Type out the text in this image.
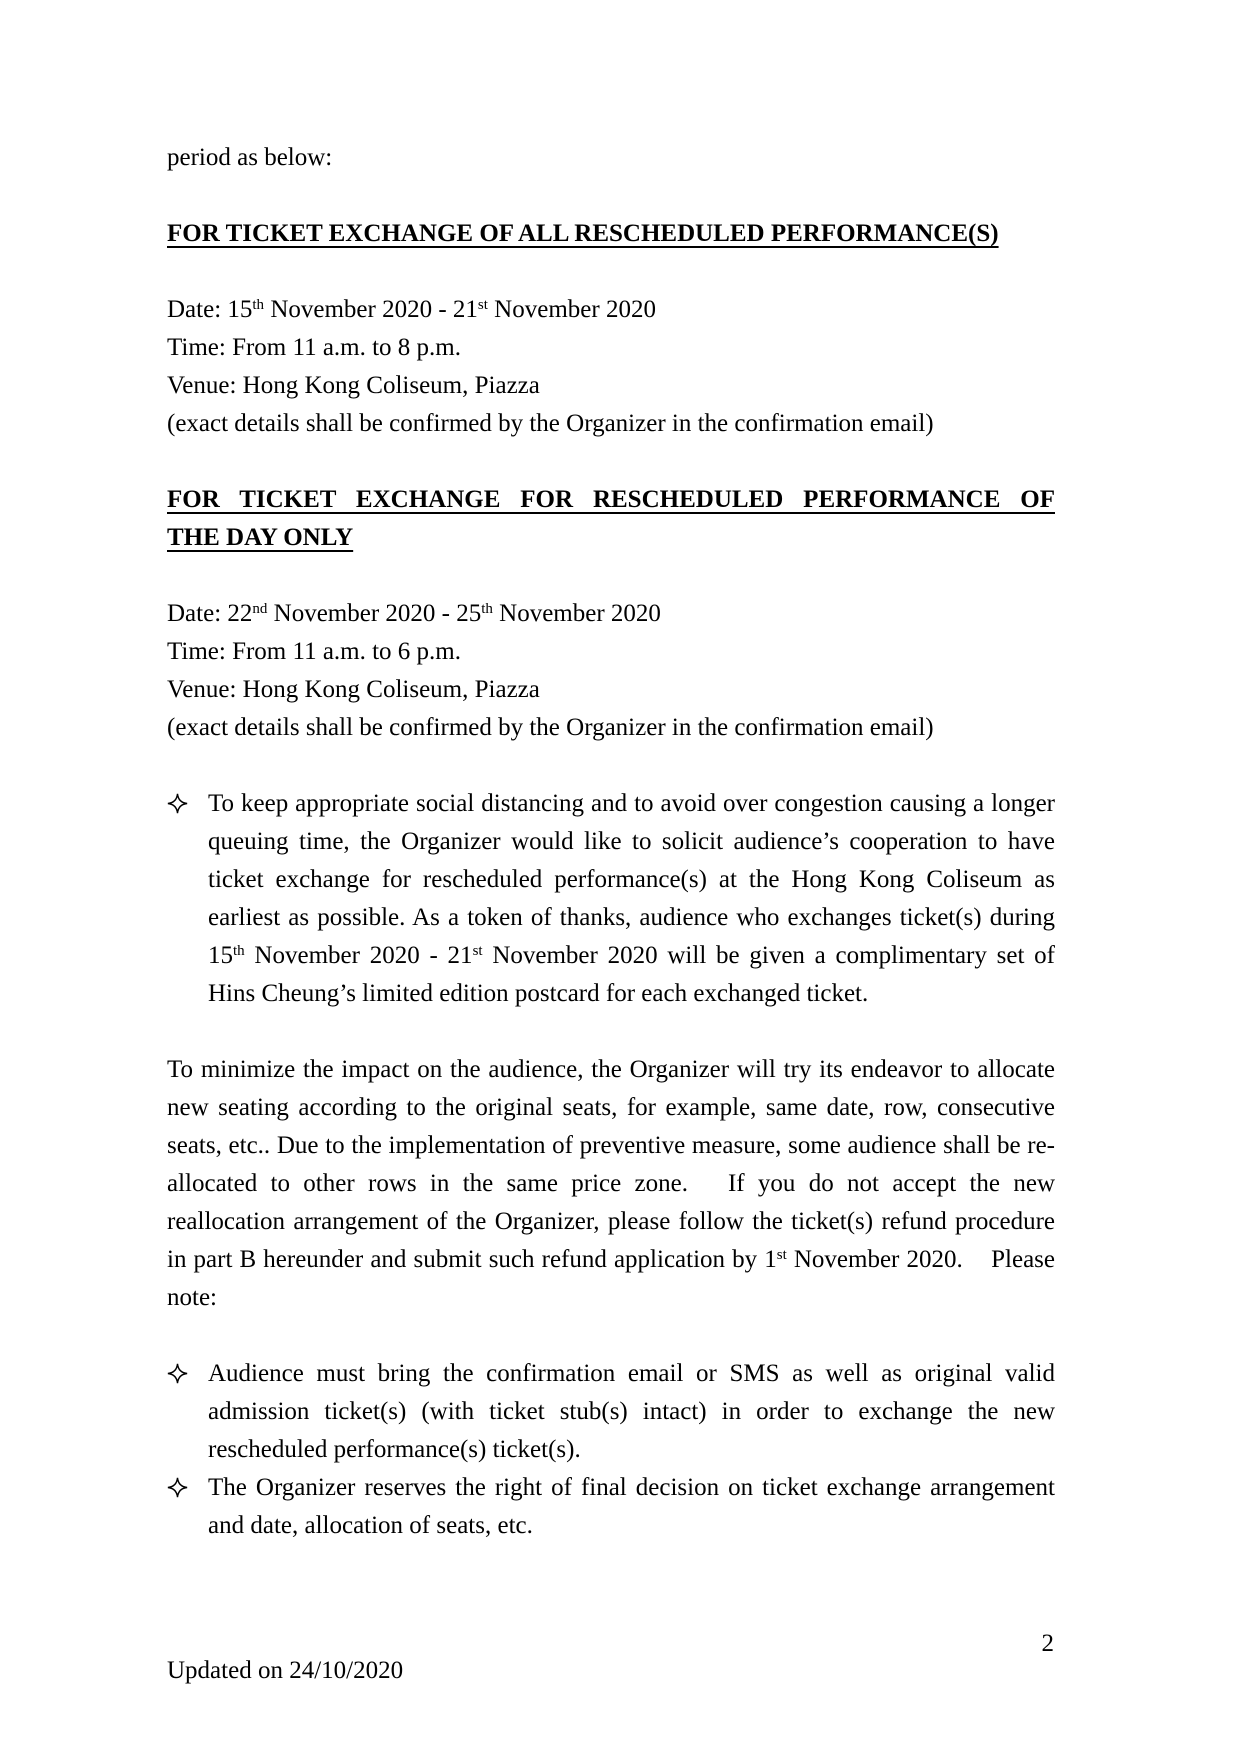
period as below:
FOR TICKET EXCHANGE OF ALL RESCHEDULED PERFORMANCE(S)
Date: 15th November 2020 - 21st November 2020
Time: From 11 a.m. to 8 p.m.
Venue: Hong Kong Coliseum, Piazza
(exact details shall be confirmed by the Organizer in the confirmation email)
FOR TICKET EXCHANGE FOR RESCHEDULED PERFORMANCE OF
THE DAY ONLY
Date: 22nd November 2020 - 25th November 2020
Time: From 11 a.m. to 6 p.m.
Venue: Hong Kong Coliseum, Piazza
(exact details shall be confirmed by the Organizer in the confirmation email)
To keep appropriate social distancing and to avoid over congestion causing a longer queuing time, the Organizer would like to solicit audience’s cooperation to have ticket exchange for rescheduled performance(s) at the Hong Kong Coliseum as earliest as possible. As a token of thanks, audience who exchanges ticket(s) during 15th November 2020 - 21st November 2020 will be given a complimentary set of Hins Cheung’s limited edition postcard for each exchanged ticket.
To minimize the impact on the audience, the Organizer will try its endeavor to allocate new seating according to the original seats, for example, same date, row, consecutive seats, etc.. Due to the implementation of preventive measure, some audience shall be re-allocated to other rows in the same price zone.   If you do not accept the new reallocation arrangement of the Organizer, please follow the ticket(s) refund procedure in part B hereunder and submit such refund application by 1st November 2020.    Please note:
Audience must bring the confirmation email or SMS as well as original valid admission ticket(s) (with ticket stub(s) intact) in order to exchange the new rescheduled performance(s) ticket(s).
The Organizer reserves the right of final decision on ticket exchange arrangement and date, allocation of seats, etc.
2
Updated on 24/10/2020
